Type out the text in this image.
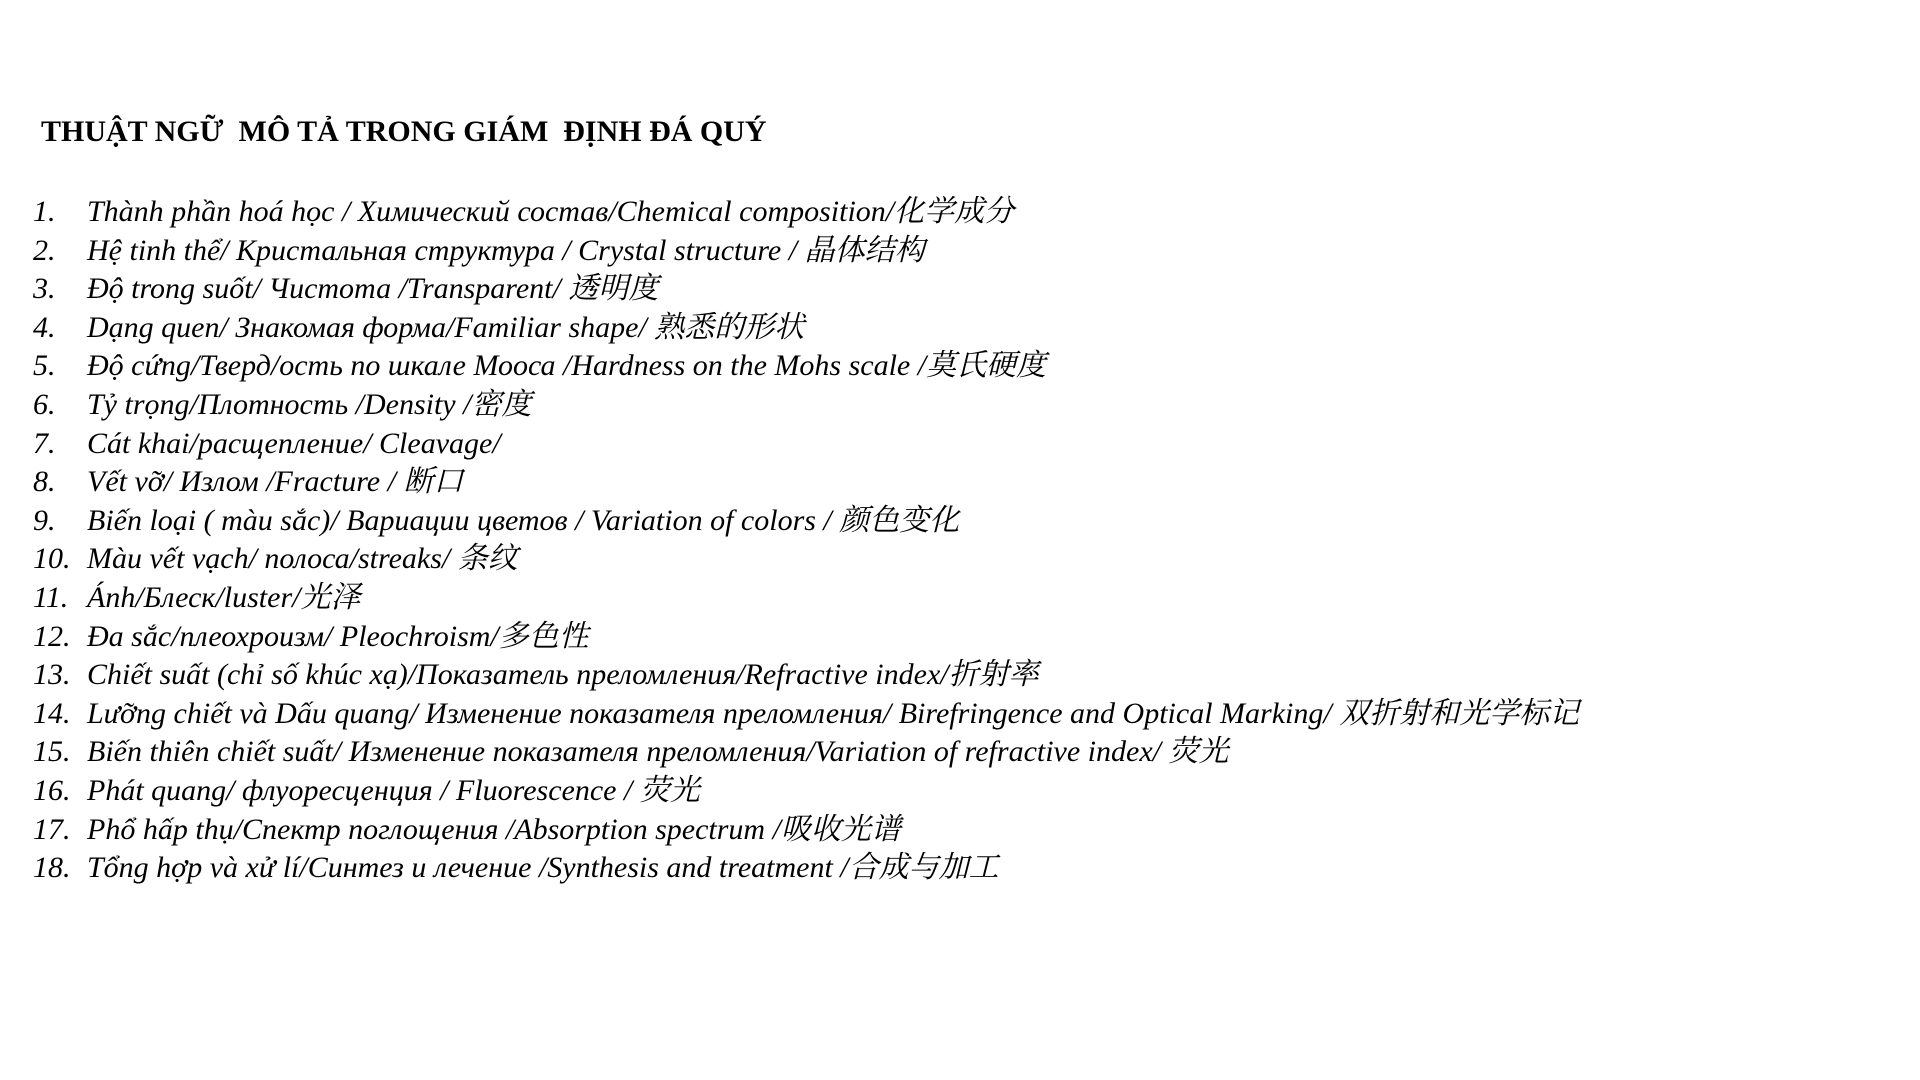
THUẬT NGỮ  MÔ TẢ TRONG GIÁM  ĐỊNH ĐÁ QUÝ
1. Thành phần hoá học / Химический состав/Chemical composition/化学成分
2. Hệ tinh thể/ Кристальная структура / Crystal structure / 晶体结构
3. Độ trong suốt/ Чистота /Transparent/ 透明度
4. Dạng quen/ Знакомая форма/Familiar shape/ 熟悉的形状
5. Độ cứng/Тверд/ость по шкале Мооса /Hardness on the Mohs scale /莫氏硬度
6. Tỷ trọng/Плотность /Density /密度
7. Cát khai/расщепление/ Cleavage/
8. Vết vỡ/ Излом /Fracture / 断口
9. Biến loại ( màu sắc)/ Вариации цветов / Variation of colors / 颜色变化
10. Màu vết vạch/ полоса/streaks/ 条纹
11. Ánh/Блеск/luster/光泽
12. Đa sắc/плеохроизм/ Pleochroism/多色性
13. Chiết suất (chỉ số khúc xạ)/Показатель преломления/Refractive index/折射率
14. Lưỡng chiết và Dấu quang/ Изменение показателя преломления/ Birefringence and Optical Marking/ 双折射和光学标记
15. Biến thiên chiết suất/ Изменение показателя преломления/Variation of refractive index/ 荧光
16. Phát quang/ флуоресценция / Fluorescence / 荧光
17. Phổ hấp thụ/Спектр поглощения /Absorption spectrum /吸收光谱
18. Tổng hợp và xử lí/Синтез и лечение /Synthesis and treatment /合成与加工
